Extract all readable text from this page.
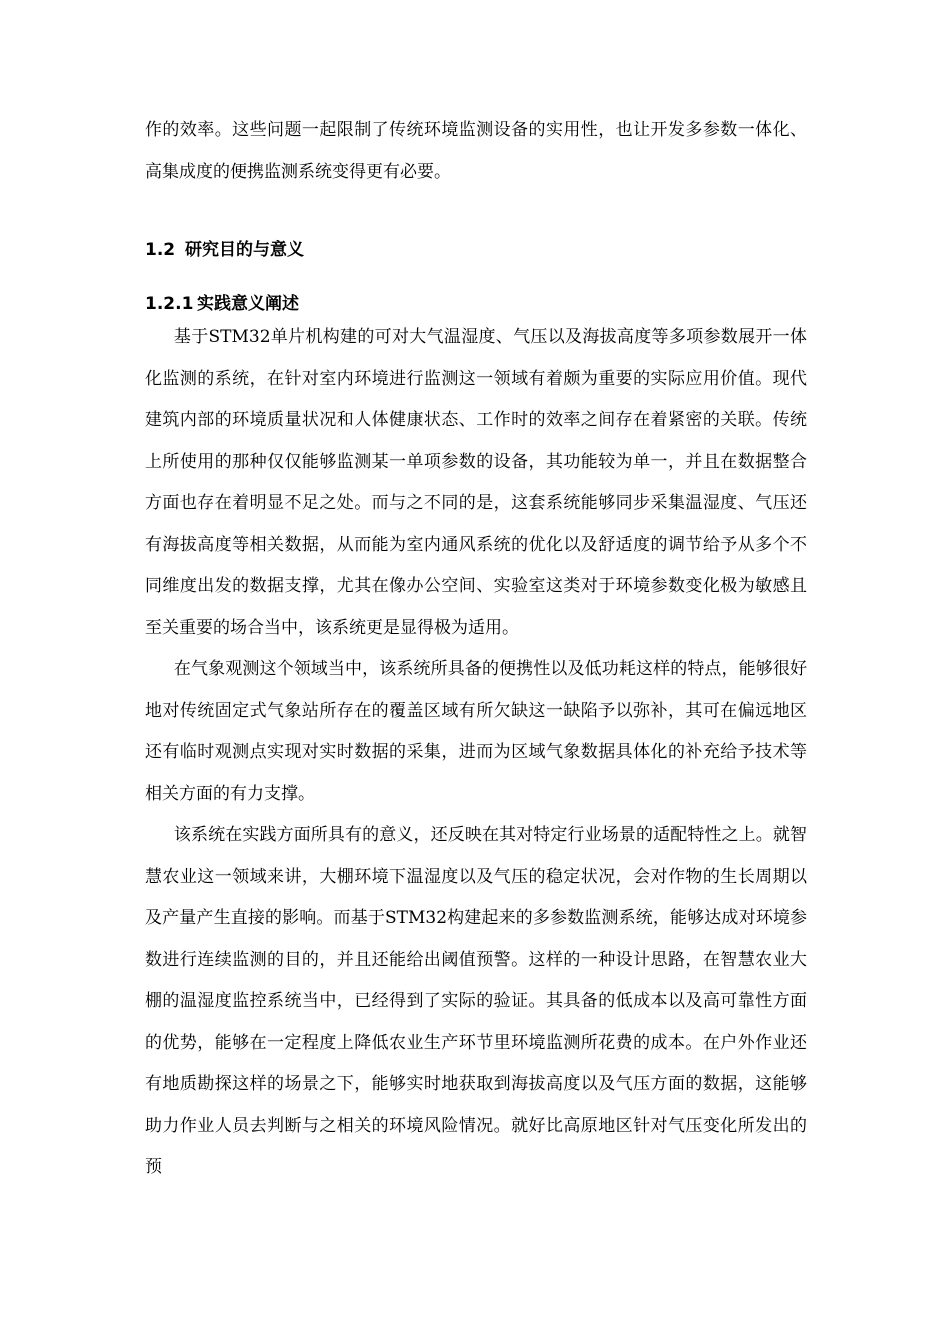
作的效率。这些问题一起限制了传统环境监测设备的实用性，也让开发多参数一体化、高集成度的便携监测系统变得更有必要。

1.2 研究目的与意义
1.2.1 实践意义阐述

基于STM32单片机构建的可对大气温湿度、气压以及海拔高度等多项参数展开一体化监测的系统，在针对室内环境进行监测这一领域有着颇为重要的实际应用价值。现代建筑内部的环境质量状况和人体健康状态、工作时的效率之间存在着紧密的关联。传统上所使用的那种仅仅能够监测某一单项参数的设备，其功能较为单一，并且在数据整合方面也存在着明显不足之处。而与之不同的是，这套系统能够同步采集温湿度、气压还有海拔高度等相关数据，从而能为室内通风系统的优化以及舒适度的调节给予从多个不同维度出发的数据支撑，尤其在像办公空间、实验室这类对于环境参数变化极为敏感且至关重要的场合当中，该系统更是显得极为适用。

在气象观测这个领域当中，该系统所具备的便携性以及低功耗这样的特点，能够很好地对传统固定式气象站所存在的覆盖区域有所欠缺这一缺陷予以弥补，其可在偏远地区还有临时观测点实现对实时数据的采集，进而为区域气象数据具体化的补充给予技术等相关方面的有力支撑。

该系统在实践方面所具有的意义，还反映在其对特定行业场景的适配特性之上。就智慧农业这一领域来讲，大棚环境下温湿度以及气压的稳定状况，会对作物的生长周期以及产量产生直接的影响。而基于STM32构建起来的多参数监测系统，能够达成对环境参数进行连续监测的目的，并且还能给出阈值预警。这样的一种设计思路，在智慧农业大棚的温湿度监控系统当中，已经得到了实际的验证。其具备的低成本以及高可靠性方面的优势，能够在一定程度上降低农业生产环节里环境监测所花费的成本。在户外作业还有地质勘探这样的场景之下，能够实时地获取到海拔高度以及气压方面的数据，这能够助力作业人员去判断与之相关的环境风险情况。就好比高原地区针对气压变化所发出的预
